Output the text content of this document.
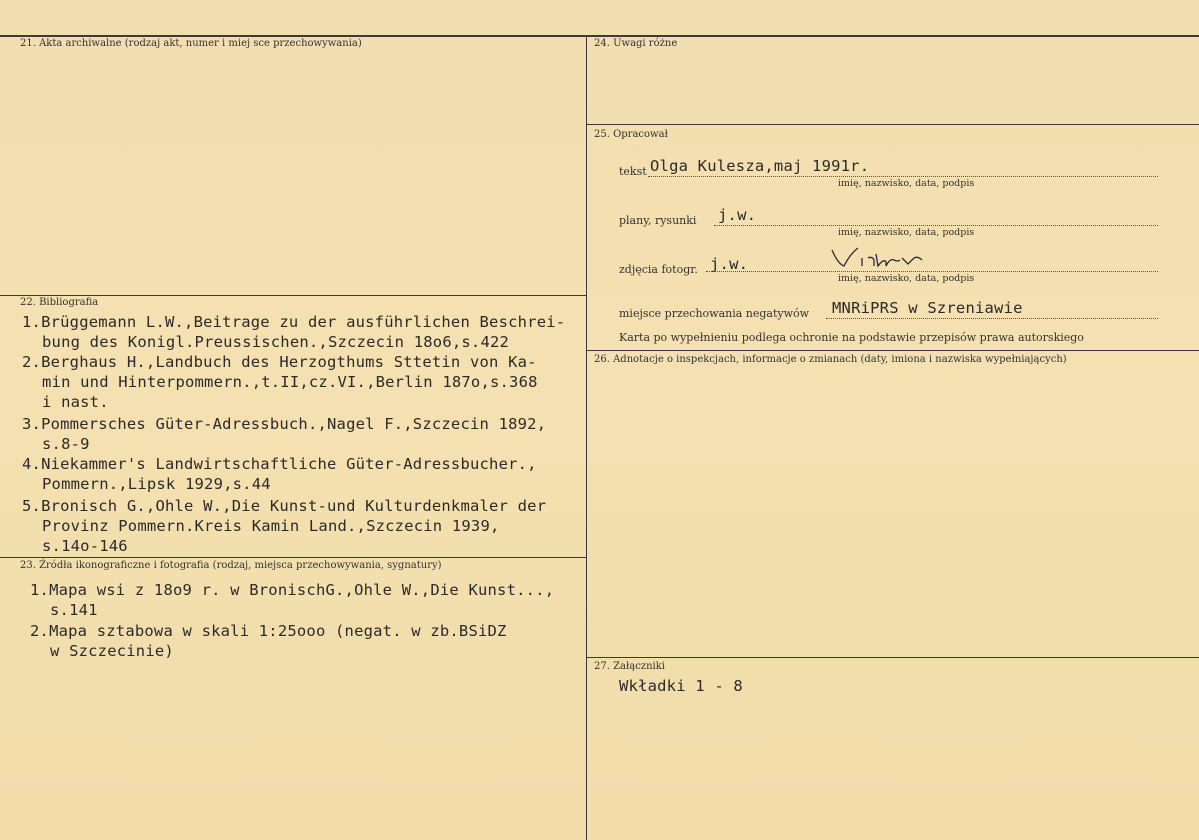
21. Akta archiwalne (rodzaj akt, numer i miej sce przechowywania)
22. Bibliografia
1.Brüggemann L.W.,Beitrage zu der ausführlichen Beschrei-
bung des Konigl.Preussischen.,Szczecin 18o6,s.422
2.Berghaus H.,Landbuch des Herzogthums Sttetin von Ka-
min und Hinterpommern.,t.II,cz.VI.,Berlin 187o,s.368
i nast.
3.Pommersches Güter-Adressbuch.,Nagel F.,Szczecin 1892,
s.8-9
4.Niekammer's Landwirtschaftliche Güter-Adressbucher.,
Pommern.,Lipsk 1929,s.44
5.Bronisch G.,Ohle W.,Die Kunst-und Kulturdenkmaler der
Provinz Pommern.Kreis Kamin Land.,Szczecin 1939,
s.14o-146
23. Źródła ikonograficzne i fotografia (rodzaj, miejsca przechowywania, sygnatury)
1.Mapa wsi z 18o9 r. w BronischG.,Ohle W.,Die Kunst...,
s.141
2.Mapa sztabowa w skali 1:25ooo (negat. w zb.BSiDZ
w Szczecinie)
24. Uwagi różne
25. Opracował
tekst Olga Kulesza,maj 1991r.
imię, nazwisko, data, podpis
plany, rysunki j.w.
imię, nazwisko, data, podpis
zdjęcia fotogr. j.w.
imię, nazwisko, data, podpis
miejsce przechowania negatywów MNRiPRS w Szreniawie
Karta po wypełnieniu podlega ochronie na podstawie przepisów prawa autorskiego
26. Adnotacje o inspekcjach, informacje o zmianach (daty, imiona i nazwiska wypełniających)
27. Załączniki
Wkładki 1 - 8
